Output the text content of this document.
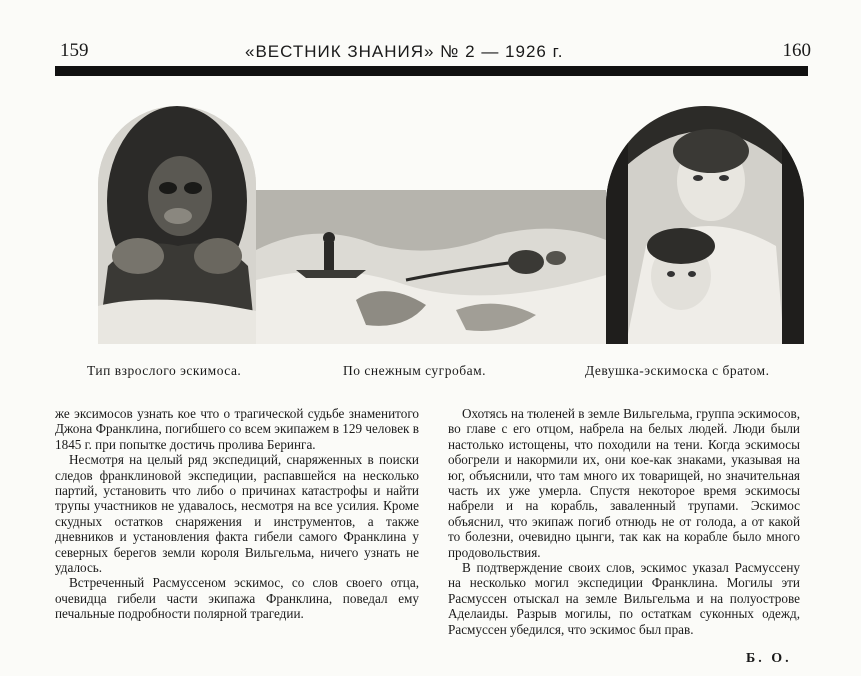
159	«ВЕСТНИК ЗНАНИЯ» № 2 — 1926 г.	160
Тип взрослого эскимоса.	По снежным сугробам.	Девушка-эскимоска с братом.

же эксимосов узнать кое что о трагической судьбе знаменитого Джона Франклина, погибшего со всем экипажем в 129 человек в 1845 г. при попытке достичь пролива Беринга.

Несмотря на целый ряд экспедиций, снаряженных в поиски следов франклиновой экспедиции, распавшейся на несколько партий, установить что либо о причинах катастрофы и найти трупы участников не удавалось, несмотря на все усилия. Кроме скудных остатков снаряжения и инструментов, а также дневников и установления факта гибели самого Франклина у северных берегов земли короля Вильгельма, ничего узнать не удалось.

Встреченный Расмуссеном эскимос, со слов своего отца, очевидца гибели части экипажа Франклина, поведал ему печальные подробности полярной трагедии.

Охотясь на тюленей в земле Вильгельма, группа эскимосов, во главе с его отцом, набрела на белых людей. Люди были настолько истощены, что походили на тени. Когда эскимосы обогрели и накормили их, они кое-как знаками, указывая на юг, объяснили, что там много их товарищей, но значительная часть их уже умерла. Спустя некоторое время эскимосы набрели и на корабль, заваленный трупами. Эскимос объяснил, что экипаж погиб отнюдь не от голода, а от какой то болезни, очевидно цынги, так как на корабле было много продовольствия.

В подтверждение своих слов, эскимос указал Расмуссену на несколько могил экспедиции Франклина. Могилы эти Расмуссен отыскал на земле Вильгельма и на полуострове Аделаиды. Разрыв могилы, по остаткам суконных одежд, Расмуссен убедился, что эскимос был прав.

Б. О.
